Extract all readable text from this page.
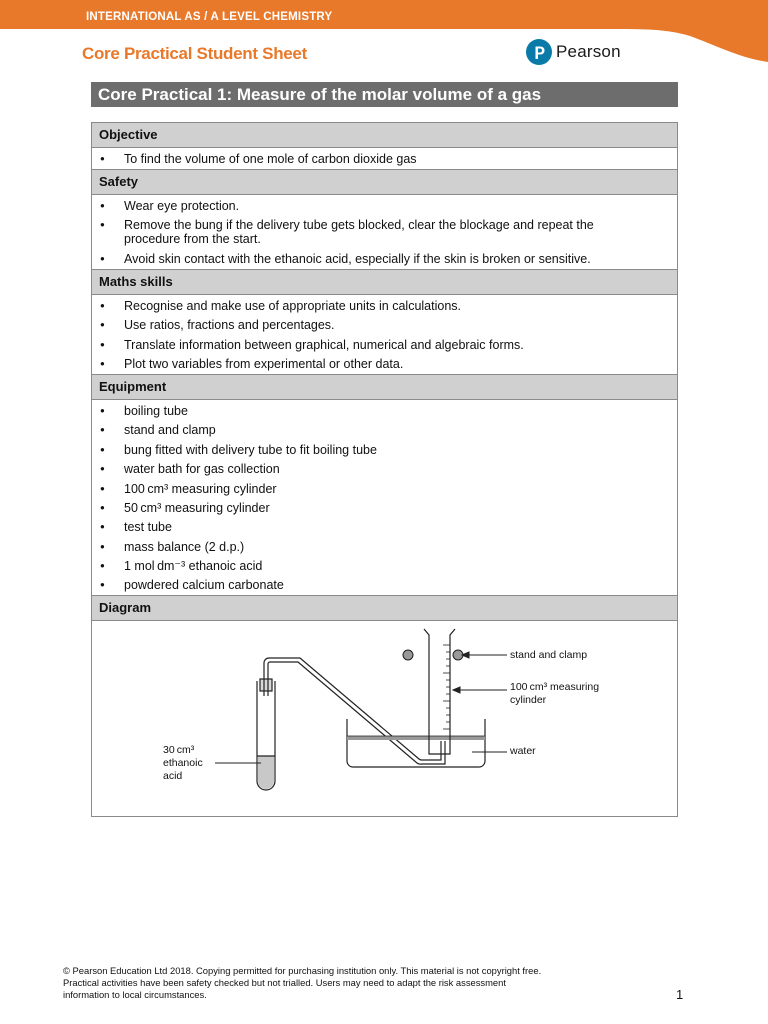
INTERNATIONAL AS / A LEVEL CHEMISTRY
Core Practical Student Sheet	Pearson
Core Practical 1: Measure of the molar volume of a gas
Objective
● To find the volume of one mole of carbon dioxide gas
Safety
● Wear eye protection.
● Remove the bung if the delivery tube gets blocked, clear the blockage and repeat the procedure from the start.
● Avoid skin contact with the ethanoic acid, especially if the skin is broken or sensitive.
Maths skills
● Recognise and make use of appropriate units in calculations.
● Use ratios, fractions and percentages.
● Translate information between graphical, numerical and algebraic forms.
● Plot two variables from experimental or other data.
Equipment
● boiling tube
● stand and clamp
● bung fitted with delivery tube to fit boiling tube
● water bath for gas collection
● 100 cm³ measuring cylinder
● 50 cm³ measuring cylinder
● test tube
● mass balance (2 d.p.)
● 1 mol dm⁻³ ethanoic acid
● powdered calcium carbonate
Diagram
stand and clamp
100 cm³ measuring
cylinder
water
30 cm³
ethanoic
acid
© Pearson Education Ltd 2018. Copying permitted for purchasing institution only. This material is not copyright free.
Practical activities have been safety checked but not trialled. Users may need to adapt the risk assessment
information to local circumstances.	1
